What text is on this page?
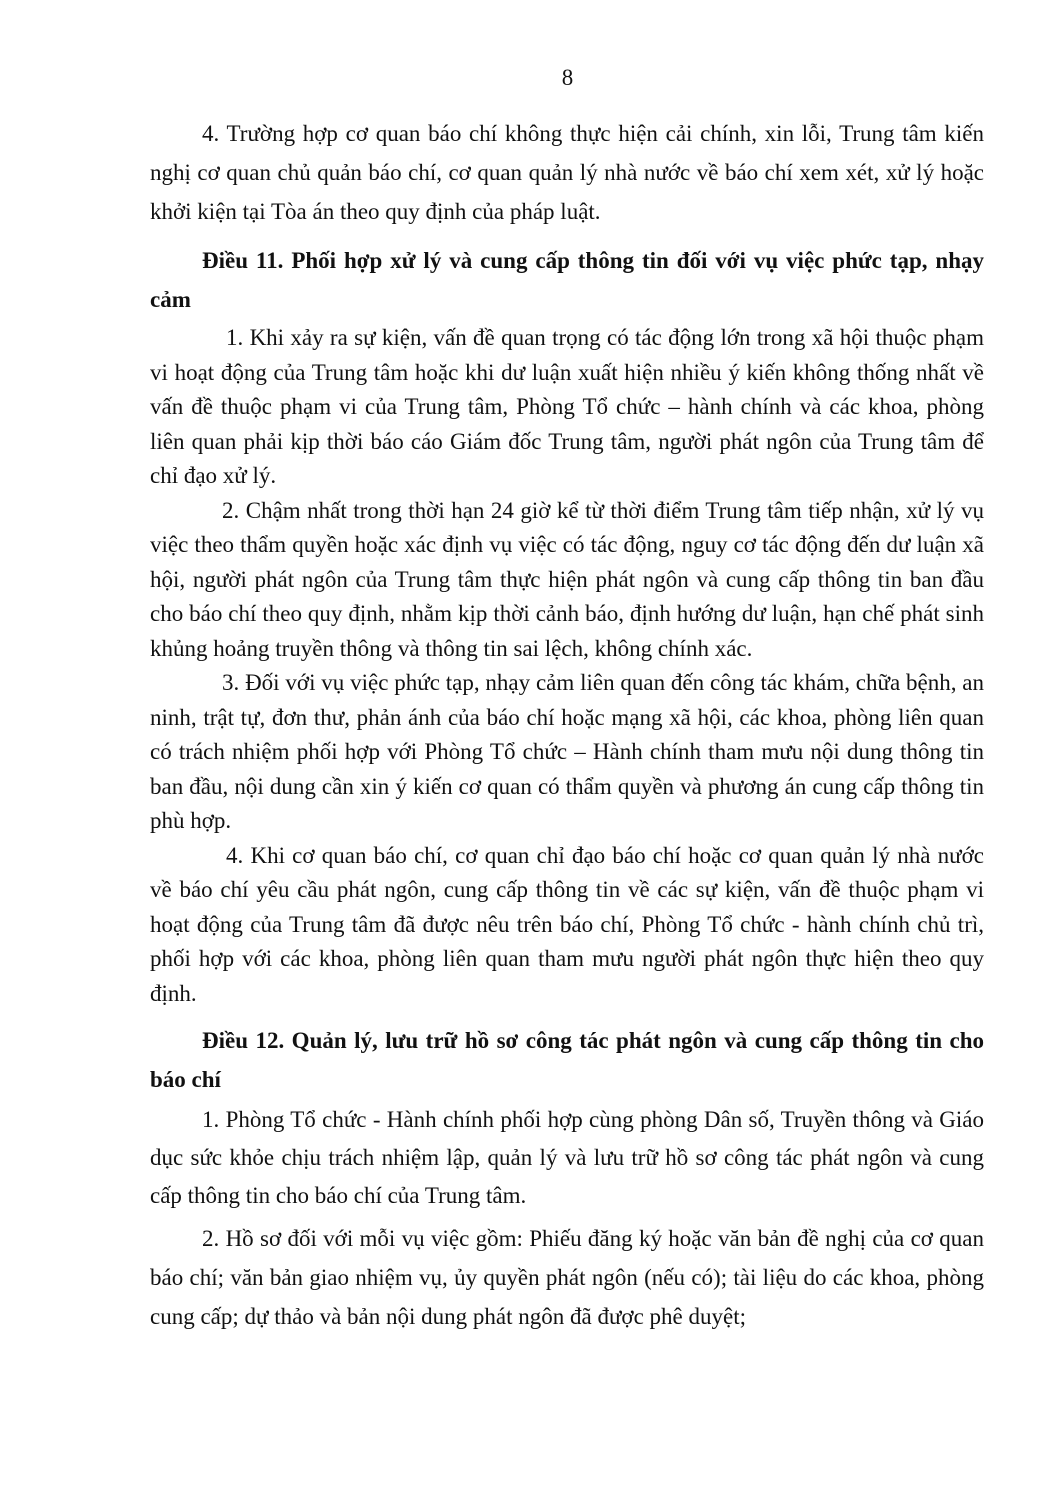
8

4. Trường hợp cơ quan báo chí không thực hiện cải chính, xin lỗi, Trung tâm kiến nghị cơ quan chủ quản báo chí, cơ quan quản lý nhà nước về báo chí xem xét, xử lý hoặc khởi kiện tại Tòa án theo quy định của pháp luật.

Điều 11. Phối hợp xử lý và cung cấp thông tin đối với vụ việc phức tạp, nhạy cảm

1. Khi xảy ra sự kiện, vấn đề quan trọng có tác động lớn trong xã hội thuộc phạm vi hoạt động của Trung tâm hoặc khi dư luận xuất hiện nhiều ý kiến không thống nhất về vấn đề thuộc phạm vi của Trung tâm, Phòng Tổ chức – hành chính và các khoa, phòng liên quan phải kịp thời báo cáo Giám đốc Trung tâm, người phát ngôn của Trung tâm để chỉ đạo xử lý.

2. Chậm nhất trong thời hạn 24 giờ kể từ thời điểm Trung tâm tiếp nhận, xử lý vụ việc theo thẩm quyền hoặc xác định vụ việc có tác động, nguy cơ tác động đến dư luận xã hội, người phát ngôn của Trung tâm thực hiện phát ngôn và cung cấp thông tin ban đầu cho báo chí theo quy định, nhằm kịp thời cảnh báo, định hướng dư luận, hạn chế phát sinh khủng hoảng truyền thông và thông tin sai lệch, không chính xác.

3. Đối với vụ việc phức tạp, nhạy cảm liên quan đến công tác khám, chữa bệnh, an ninh, trật tự, đơn thư, phản ánh của báo chí hoặc mạng xã hội, các khoa, phòng liên quan có trách nhiệm phối hợp với Phòng Tổ chức – Hành chính tham mưu nội dung thông tin ban đầu, nội dung cần xin ý kiến cơ quan có thẩm quyền và phương án cung cấp thông tin phù hợp.

4. Khi cơ quan báo chí, cơ quan chỉ đạo báo chí hoặc cơ quan quản lý nhà nước về báo chí yêu cầu phát ngôn, cung cấp thông tin về các sự kiện, vấn đề thuộc phạm vi hoạt động của Trung tâm đã được nêu trên báo chí, Phòng Tổ chức - hành chính chủ trì, phối hợp với các khoa, phòng liên quan tham mưu người phát ngôn thực hiện theo quy định.

Điều 12. Quản lý, lưu trữ hồ sơ công tác phát ngôn và cung cấp thông tin cho báo chí

1. Phòng Tổ chức - Hành chính phối hợp cùng phòng Dân số, Truyền thông và Giáo dục sức khỏe chịu trách nhiệm lập, quản lý và lưu trữ hồ sơ công tác phát ngôn và cung cấp thông tin cho báo chí của Trung tâm.

2. Hồ sơ đối với mỗi vụ việc gồm: Phiếu đăng ký hoặc văn bản đề nghị của cơ quan báo chí; văn bản giao nhiệm vụ, ủy quyền phát ngôn (nếu có); tài liệu do các khoa, phòng cung cấp; dự thảo và bản nội dung phát ngôn đã được phê duyệt;
